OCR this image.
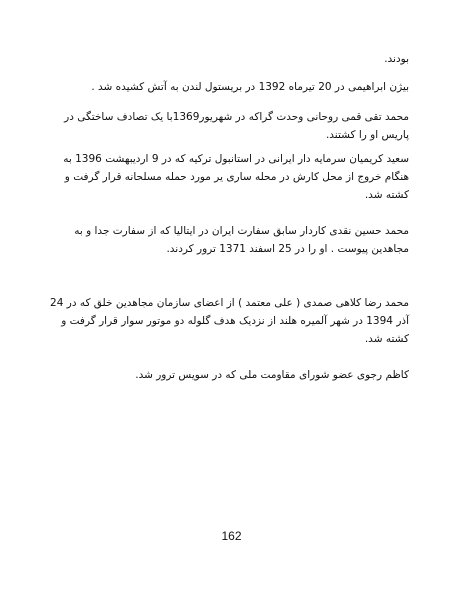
بودند.
بیژن ابراهیمی در 20 تیرماه 1392 در بریستول لندن به آتش کشیده شد .
محمد تقی قمی روحانی وحدت گراکه در شهریور1369با یک تصادف ساختگی در پاریس او را کشتند.
سعید کریمیان سرمایه دار ایرانی در استانبول ترکیه که در 9 اردیبهشت 1396 به هنگام خروج از محل کارش در محله ساری یر مورد حمله مسلحانه قرار گرفت و کشته شد.
محمد حسین نقدی کاردار سابق سفارت ایران در ایتالیا که از سفارت جدا و به مجاهدین پیوست . او را در 25 اسفند 1371 ترور کردند.
محمد رضا کلاهی صمدی ( علی معتمد ) از اعضای سازمان مجاهدین خلق که در 24 آذر 1394 در شهر آلمیره هلند از نزدیک هدف گلوله دو موتور سوار قرار گرفت و کشته شد.
کاظم رجوی عضو شورای مقاومت ملی که در سویس ترور شد.
162
